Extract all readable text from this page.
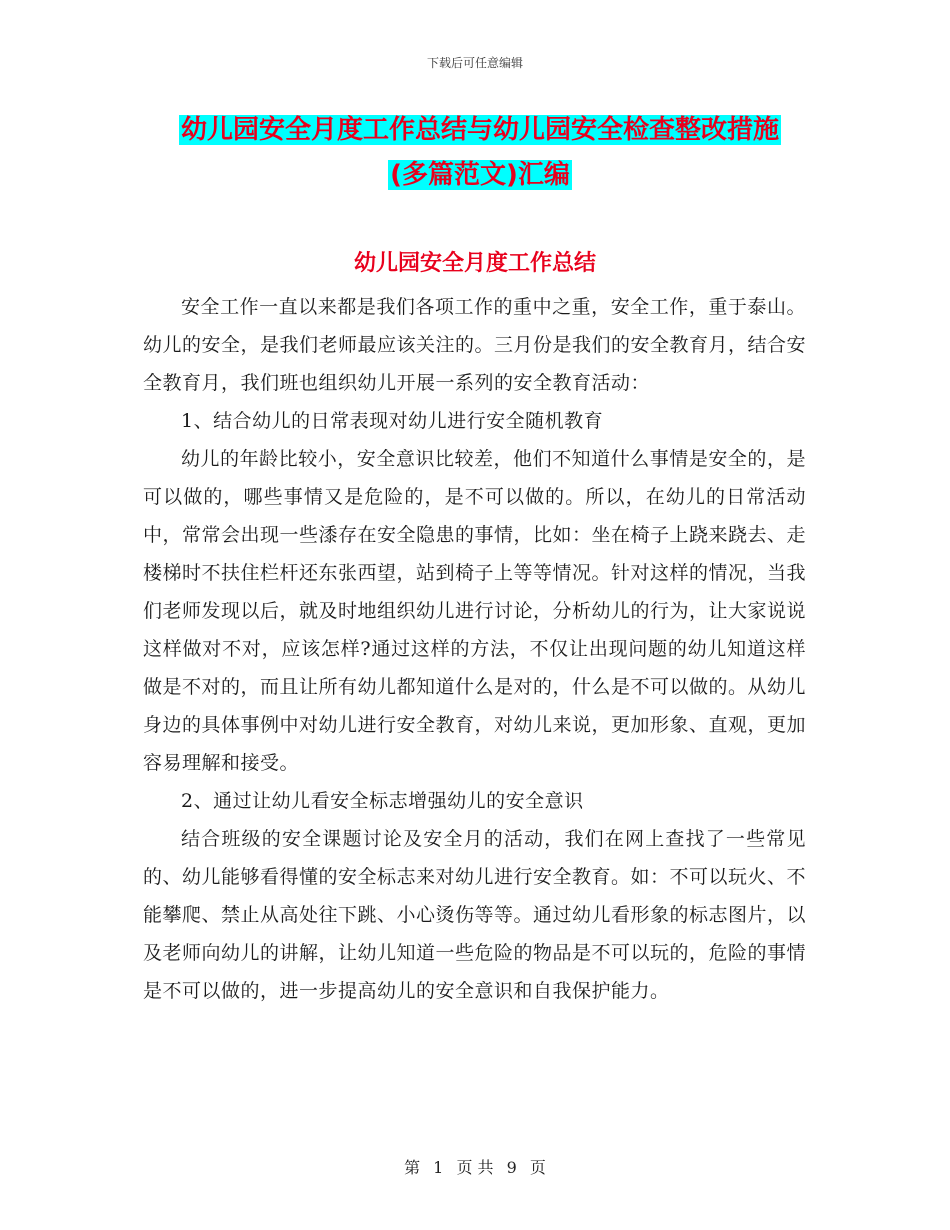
下载后可任意编辑
幼儿园安全月度工作总结与幼儿园安全检查整改措施
(多篇范文)汇编
幼儿园安全月度工作总结

安全工作一直以来都是我们各项工作的重中之重，安全工作，重于泰山。幼儿的安全，是我们老师最应该关注的。三月份是我们的安全教育月，结合安全教育月，我们班也组织幼儿开展一系列的安全教育活动：

1、结合幼儿的日常表现对幼儿进行安全随机教育

幼儿的年龄比较小，安全意识比较差，他们不知道什么事情是安全的，是可以做的，哪些事情又是危险的，是不可以做的。所以，在幼儿的日常活动中，常常会出现一些潻存在安全隐患的事情，比如：坐在椅子上跷来跷去、走楼梯时不扶住栏杆还东张西望，站到椅子上等等情况。针对这样的情况，当我们老师发现以后，就及时地组织幼儿进行讨论，分析幼儿的行为，让大家说说这样做对不对，应该怎样?通过这样的方法，不仅让出现问题的幼儿知道这样做是不对的，而且让所有幼儿都知道什么是对的，什么是不可以做的。从幼儿身边的具体事例中对幼儿进行安全教育，对幼儿来说，更加形象、直观，更加容易理解和接受。

2、通过让幼儿看安全标志增强幼儿的安全意识

结合班级的安全课题讨论及安全月的活动，我们在网上查找了一些常见的、幼儿能够看得懂的安全标志来对幼儿进行安全教育。如：不可以玩火、不能攀爬、禁止从高处往下跳、小心烫伤等等。通过幼儿看形象的标志图片，以及老师向幼儿的讲解，让幼儿知道一些危险的物品是不可以玩的，危险的事情是不可以做的，进一步提高幼儿的安全意识和自我保护能力。

第 1 页 共 9 页
